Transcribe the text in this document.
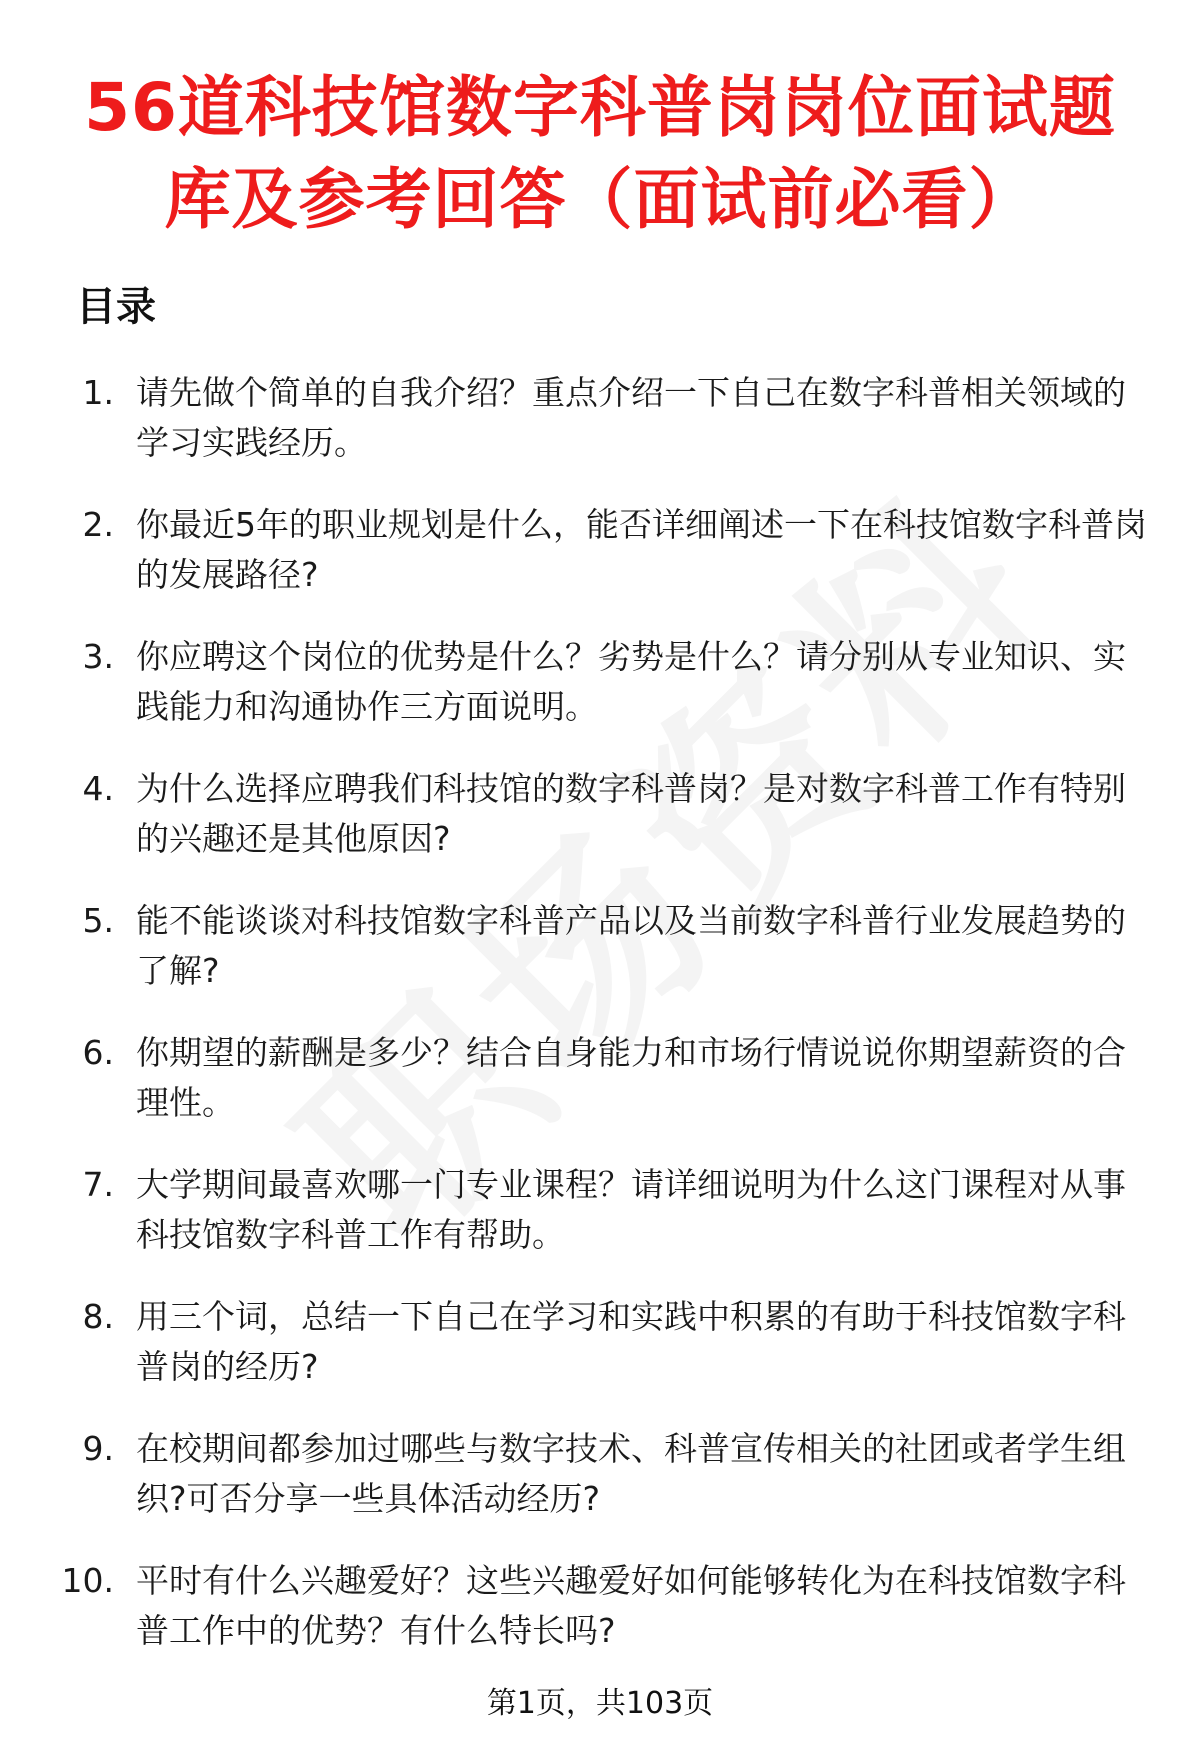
56道科技馆数字科普岗岗位面试题
库及参考回答（面试前必看）
目录
1. 请先做个简单的自我介绍？重点介绍一下自己在数字科普相关领域的学习实践经历。
2. 你最近5年的职业规划是什么，能否详细阐述一下在科技馆数字科普岗的发展路径?
3. 你应聘这个岗位的优势是什么？劣势是什么？请分别从专业知识、实践能力和沟通协作三方面说明。
4. 为什么选择应聘我们科技馆的数字科普岗？是对数字科普工作有特别的兴趣还是其他原因?
5. 能不能谈谈对科技馆数字科普产品以及当前数字科普行业发展趋势的了解?
6. 你期望的薪酬是多少？结合自身能力和市场行情说说你期望薪资的合理性。
7. 大学期间最喜欢哪一门专业课程？请详细说明为什么这门课程对从事科技馆数字科普工作有帮助。
8. 用三个词，总结一下自己在学习和实践中积累的有助于科技馆数字科普岗的经历?
9. 在校期间都参加过哪些与数字技术、科普宣传相关的社团或者学生组织?可否分享一些具体活动经历?
10. 平时有什么兴趣爱好？这些兴趣爱好如何能够转化为在科技馆数字科普工作中的优势？有什么特长吗?
第1页，共103页
